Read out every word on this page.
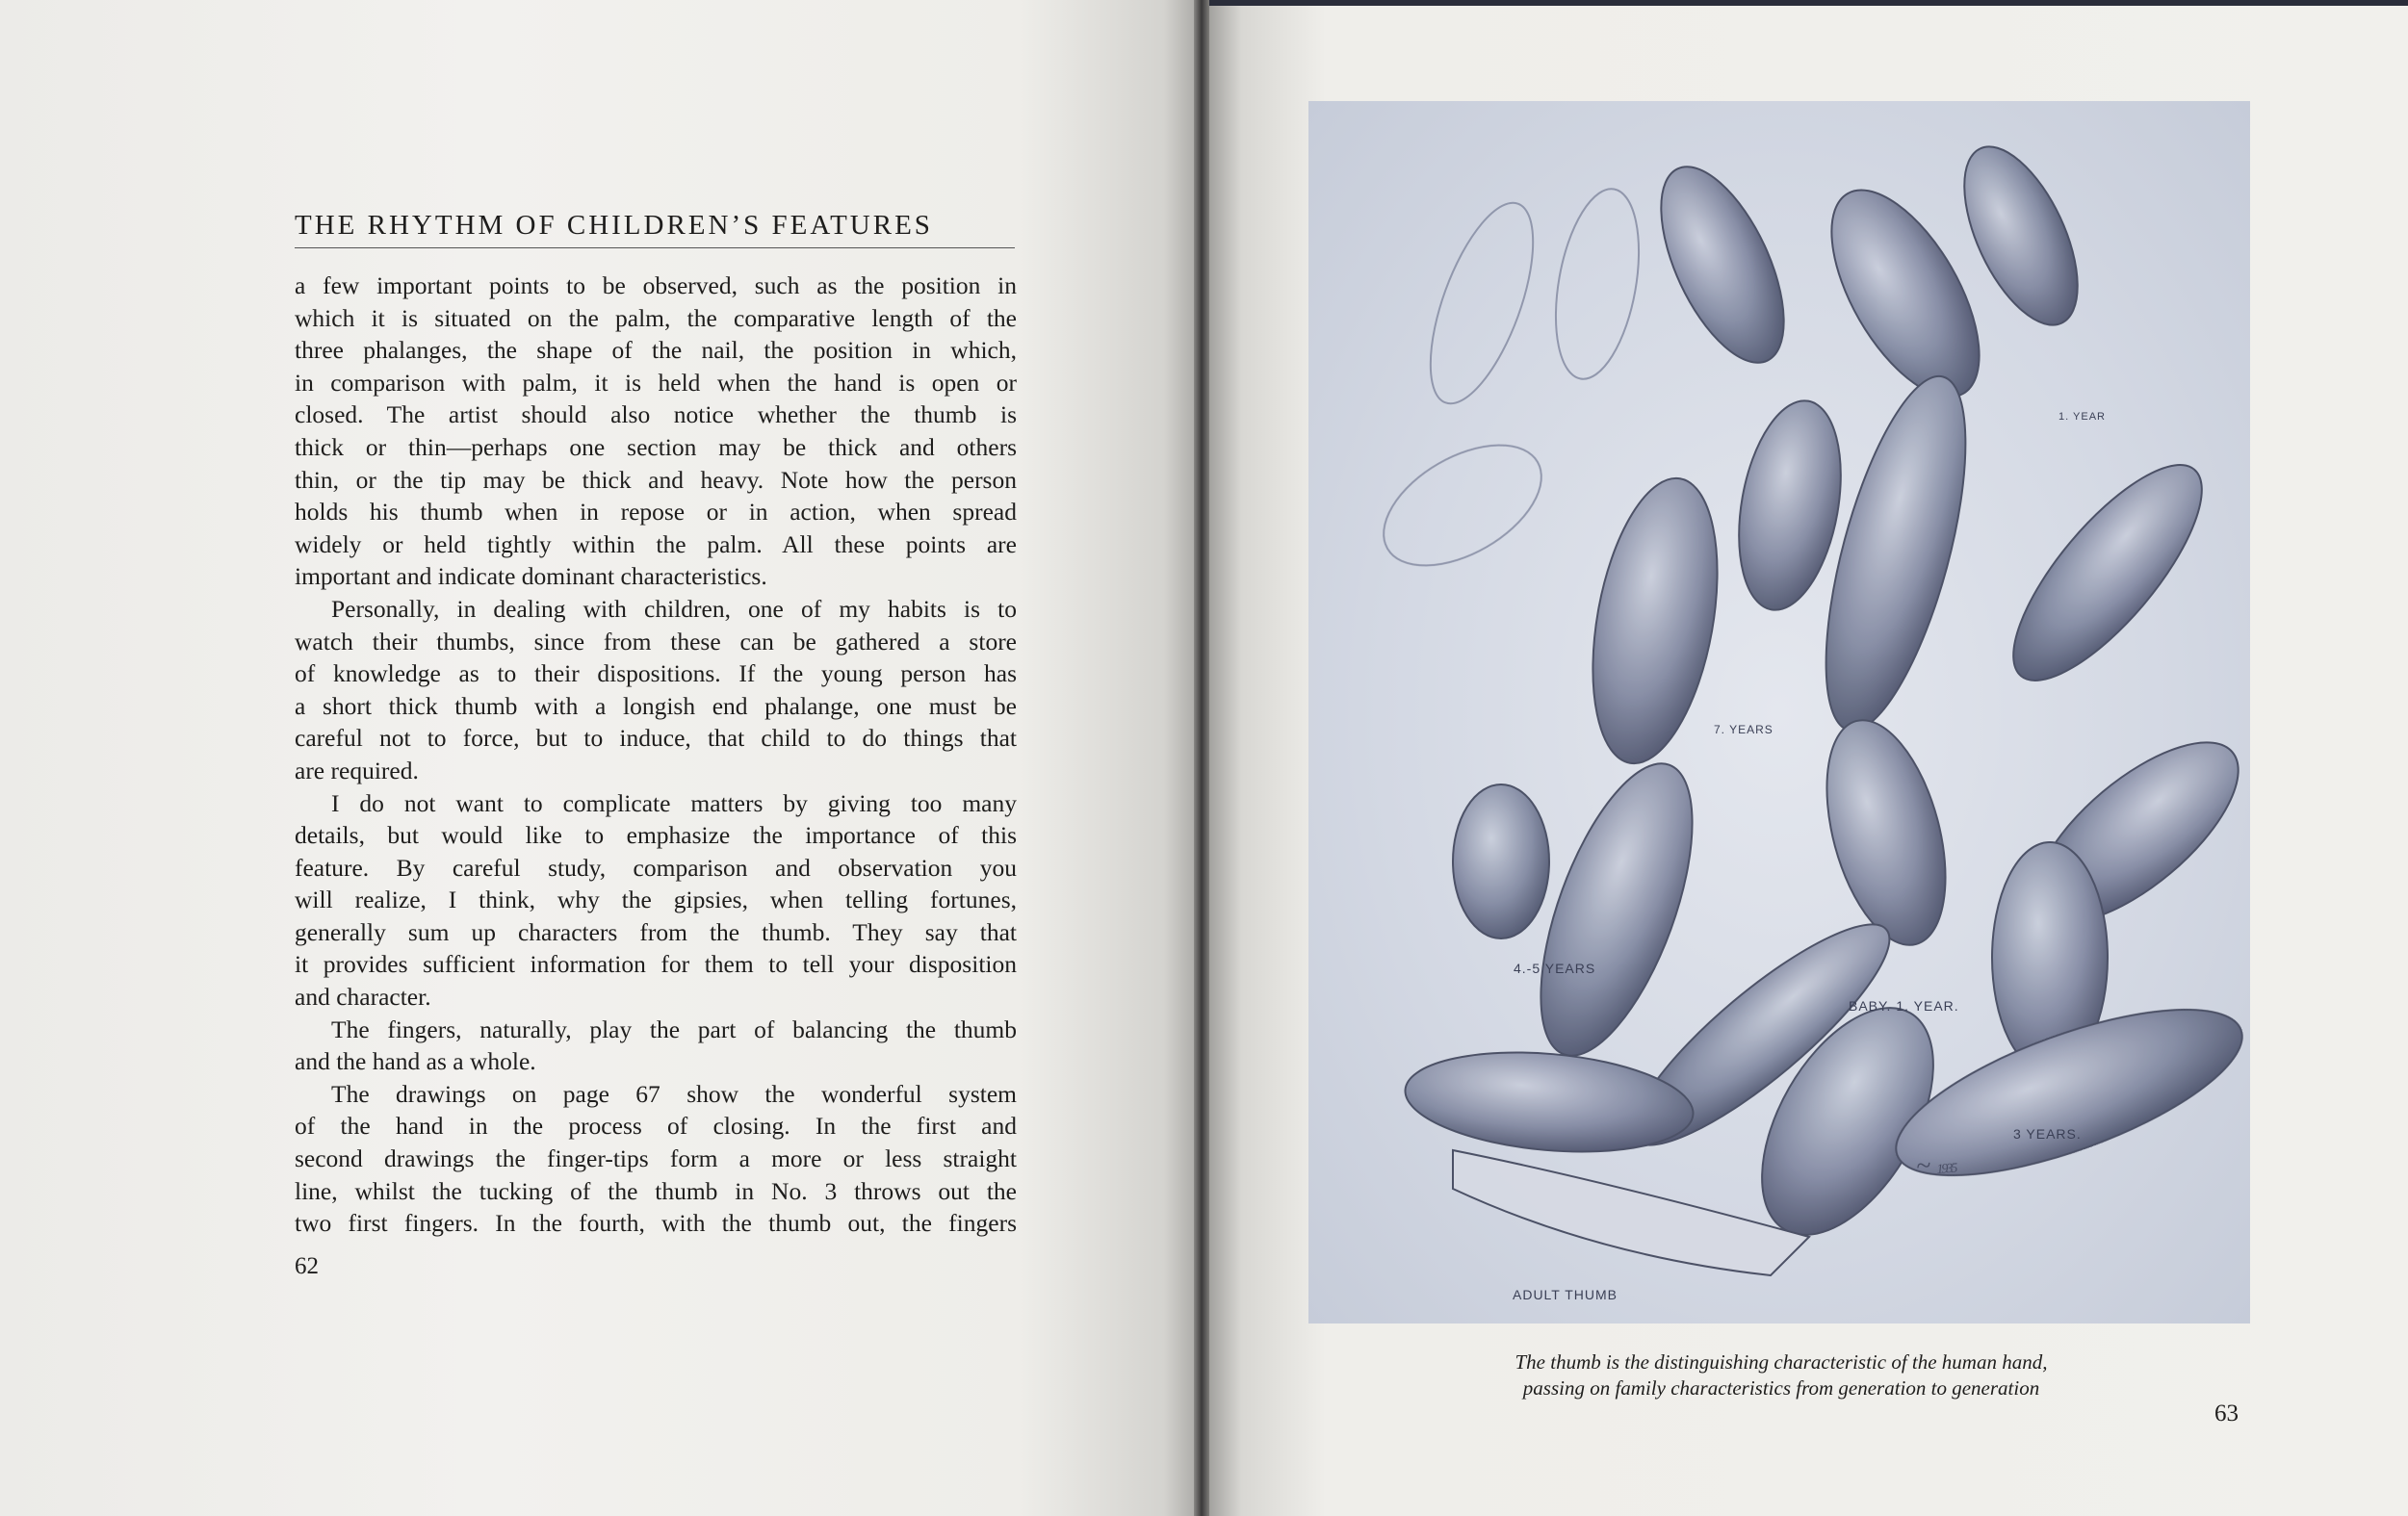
THE RHYTHM OF CHILDREN’S FEATURES
a few important points to be observed, such as the position in
which it is situated on the palm, the comparative length of the
three phalanges, the shape of the nail, the position in which,
in comparison with palm, it is held when the hand is open or
closed. The artist should also notice whether the thumb is
thick or thin—perhaps one section may be thick and others
thin, or the tip may be thick and heavy. Note how the person
holds his thumb when in repose or in action, when spread
widely or held tightly within the palm. All these points are
important and indicate dominant characteristics.
Personally, in dealing with children, one of my habits is to
watch their thumbs, since from these can be gathered a store
of knowledge as to their dispositions. If the young person has
a short thick thumb with a longish end phalange, one must be
careful not to force, but to induce, that child to do things that
are required.
I do not want to complicate matters by giving too many
details, but would like to emphasize the importance of this
feature. By careful study, comparison and observation you
will realize, I think, why the gipsies, when telling fortunes,
generally sum up characters from the thumb. They say that
it provides sufficient information for them to tell your disposition
and character.
The fingers, naturally, play the part of balancing the thumb
and the hand as a whole.
The drawings on page 67 show the wonderful system
of the hand in the process of closing. In the first and
second drawings the finger-tips form a more or less straight
line, whilst the tucking of the thumb in No. 3 throws out the
two first fingers. In the fourth, with the thumb out, the fingers
62
1. YEAR
7. YEARS
4.-5 YEARS
BABY. 1. YEAR.
3 YEARS.
ADULT THUMB
~ 1935
The thumb is the distinguishing characteristic of the human hand,
passing on family characteristics from generation to generation
63
